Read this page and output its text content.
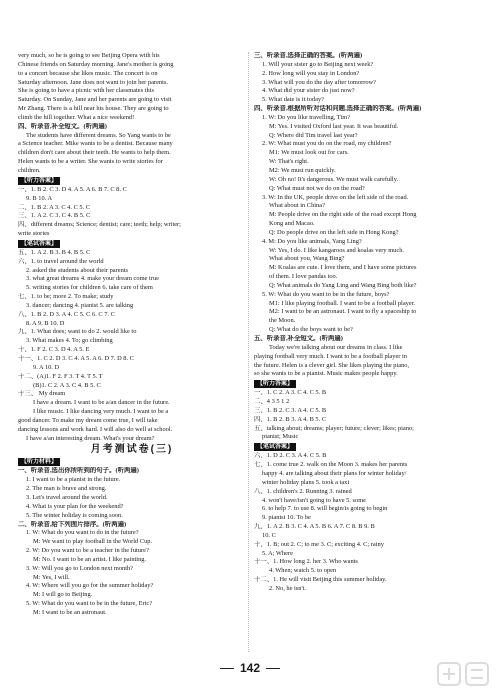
very much, so he is going to see Beijing Opera with his
Chinese friends on Saturday morning. Jane's mother is going
to a concert because she likes music. The concert is on
Saturday afternoon. Jane does not want to join her parents.
She is going to have a picnic with her classmates this
Saturday. On Sunday, Jane and her parents are going to visit
Mr Zhang. There is a hill near his house. They are going to
climb the hill together. What a nice weekend!
四、听录音,补全短文。(听两遍)
The students have different dreams. So Yang wants to be
a Science teacher. Mike wants to be a dentist. Because many
children don't care about their teeth. He wants to help them.
Helen wants to be a writer. She wants to write stories for
children.
【听力答案】
一、1. B 2. C 3. D 4. A 5. A 6. B 7. C 8. C
9. B 10. A
二、1. B 2. A 3. C 4. C 5. C
三、1. A 2. C 3. C 4. B 5. C
四、different dreams; Science; dentist; care; teeth; help; writer;
write stories
【笔试答案】
五、1. A 2. B 3. B 4. B 5. C
六、1. to travel around the world
2. asked the students about their parents
3. what great dreams 4. make your dream come true
5. writing stories for children 6. take care of them
七、1. to be; more 2. To make; study
3. dancer; dancing 4. pianist 5. are talking
八、1. B 2. D 3. A 4. C 5. C 6. C 7. C
8. A 9. B 10. D
九、1. What does; want to do 2. would like to
3. What makes 4. To; go climbing
十、1. F 2. C 3. D 4. A 5. E
十一、1. C 2. D 3. C 4. A 5. A 6. D 7. D 8. C
9. A 10. D
十二、(A)1. F 2. F 3. T 4. T 5. T
(B)1. C 2. A 3. C 4. B 5. C
十三、 My dream
I have a dream. I want to be a/an dancer in the future.
I like music. I like dancing very much. I want to be a
good dancer. To make my dream come true, I will take
dancing lessons and work hard. I will also do well at school.
I have a/an interesting dream. What's your dream?
月考测试卷(三)
【听力材料】
一、听录音,选出你所听到的句子。(听两遍)
1. I want to be a pianist in the future.
2. The man is brave and strong.
3. Let's travel around the world.
4. What is your plan for the weekend?
5. The winter holiday is coming soon.
二、听录音,给下列图片排序。(听两遍)
1. W: What do you want to do in the future?
M: We want to play football in the World Cup.
2. W: Do you want to be a teacher in the future?
M: No. I want to be an artist. I like painting.
3. W: Will you go to London next month?
M: Yes, I will.
4. W: Where will you go for the summer holiday?
M: I will go to Beijing.
5. W: What do you want to be in the future, Eric?
M: I want to be an astronaut.
三、听录音,选择正确的答案。(听两遍)
1. Will your sister go to Beijing next week?
2. How long will you stay in London?
3. What will you do the day after tomorrow?
4. What did your sister do just now?
5. What date is it today?
四、听录音,根据所听对话和问题,选择正确的答案。(听两遍)
1. W: Do you like travelling, Tim?
M: Yes. I visited Oxford last year. It was beautiful.
Q: Where did Tim travel last year?
2. W: What must you do on the road, my children?
M1: We must look out for cars.
W: That's right.
M2: We must run quickly.
W: Oh no! It's dangerous. We must walk carefully.
Q: What must not we do on the road?
3. W: In the UK, people drive on the left side of the road.
What about in China?
M: People drive on the right side of the road except Hong
Kong and Macao.
Q: Do people drive on the left side in Hong Kong?
4. M: Do you like animals, Yang Ling?
W: Yes, I do. I like kangaroos and koalas very much.
What about you, Wang Bing?
M: Koalas are cute. I love them, and I have some pictures
of them. I love pandas too.
Q: What animals do Yang Ling and Wang Bing both like?
5. W: What do you want to be in the future, boys?
M1: I like playing football. I want to be a football player.
M2: I want to be an astronaut. I want to fly a spaceship to
the Moon.
Q: What do the boys want to be?
五、听录音,补全短文。(听两遍)
Today we're talking about our dreams in class. I like
playing football very much. I want to be a football player in
the future. Helen is a clever girl. She likes playing the piano,
so she wants to be a pianist. Music makes people happy.
【听力答案】
一、1. C 2. A 3. C 4. C 5. B
二、4 3 5 1 2
三、1. B 2. C 3. A 4. C 5. B
四、1. B 2. B 3. A 4. B 5. C
五、talking about; dreams; player; future; clever; likes; piano;
pianist; Music
【笔试答案】
六、1. D 2. C 3. A 4. C 5. B
七、1. come true 2. walk on the Moon 3. makes her parents
happy 4. are talking about their plans for winter holiday/
winter holiday plans 5. took a taxi
八、1. children's 2. Running 3. rained
4. won't have/isn't going to have 5. some
6. to help 7. to use 8. will begin/is going to begin
9. pianist 10. To be
九、1. A 2. B 3. C 4. A 5. B 6. A 7. C 8. B 9. B
10. C
十、1. B; out 2. C; to me 3. C; exciting 4. C; rainy
5. A; Where
十一、1. How long 2. her 3. Who wants
4. When; watch 5. to open
十二、1. He will visit Beijing this summer holiday.
2. No, he isn't.
142
